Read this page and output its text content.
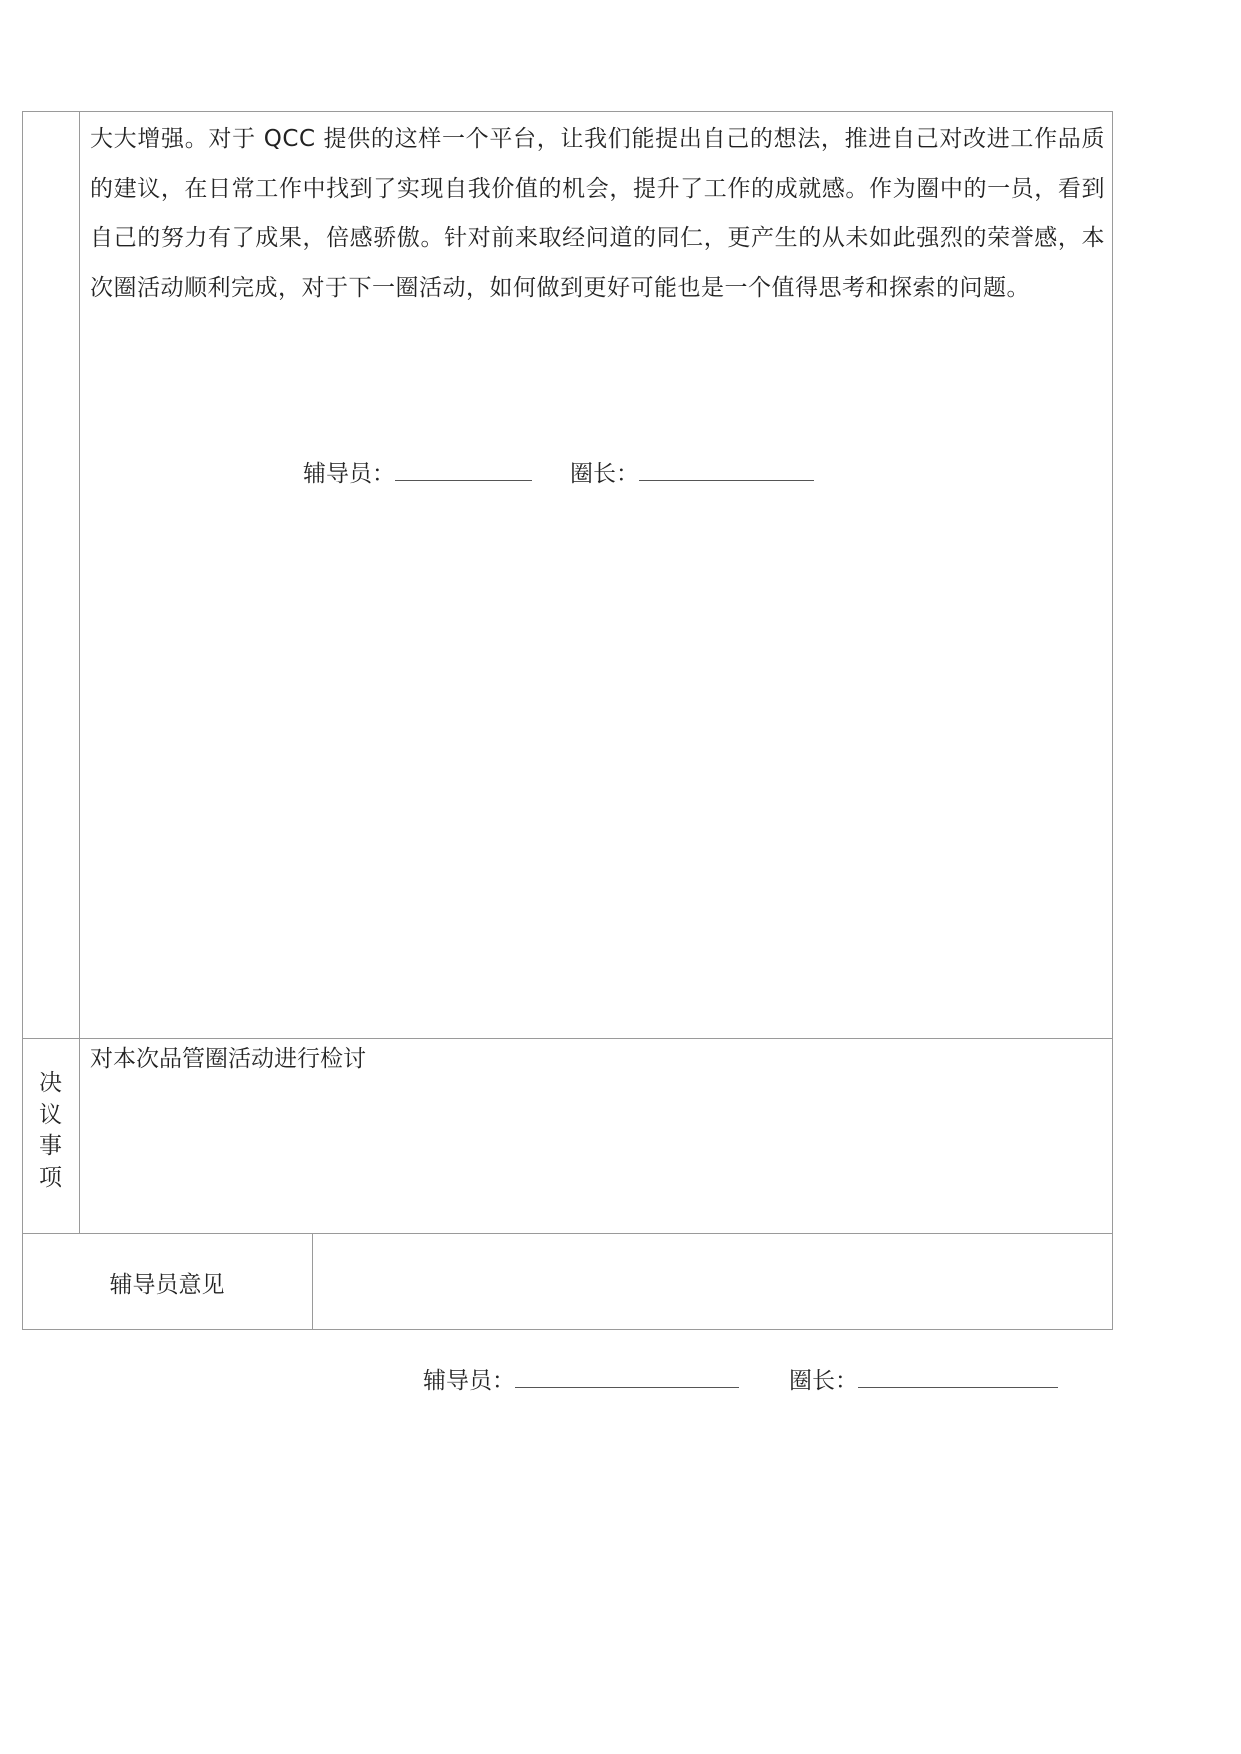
大大增强。对于 QCC 提供的这样一个平台，让我们能提出自己的想法，推进自己对改进工作品质的建议，在日常工作中找到了实现自我价值的机会，提升了工作的成就感。作为圈中的一员，看到自己的努力有了成果，倍感骄傲。针对前来取经问道的同仁，更产生的从未如此强烈的荣誉感，本次圈活动顺利完成，对于下一圈活动，如何做到更好可能也是一个值得思考和探索的问题。

辅导员：	圈长：
决
议
事
项

对本次品管圈活动进行检讨

辅导员意见
辅导员：	圈长：
